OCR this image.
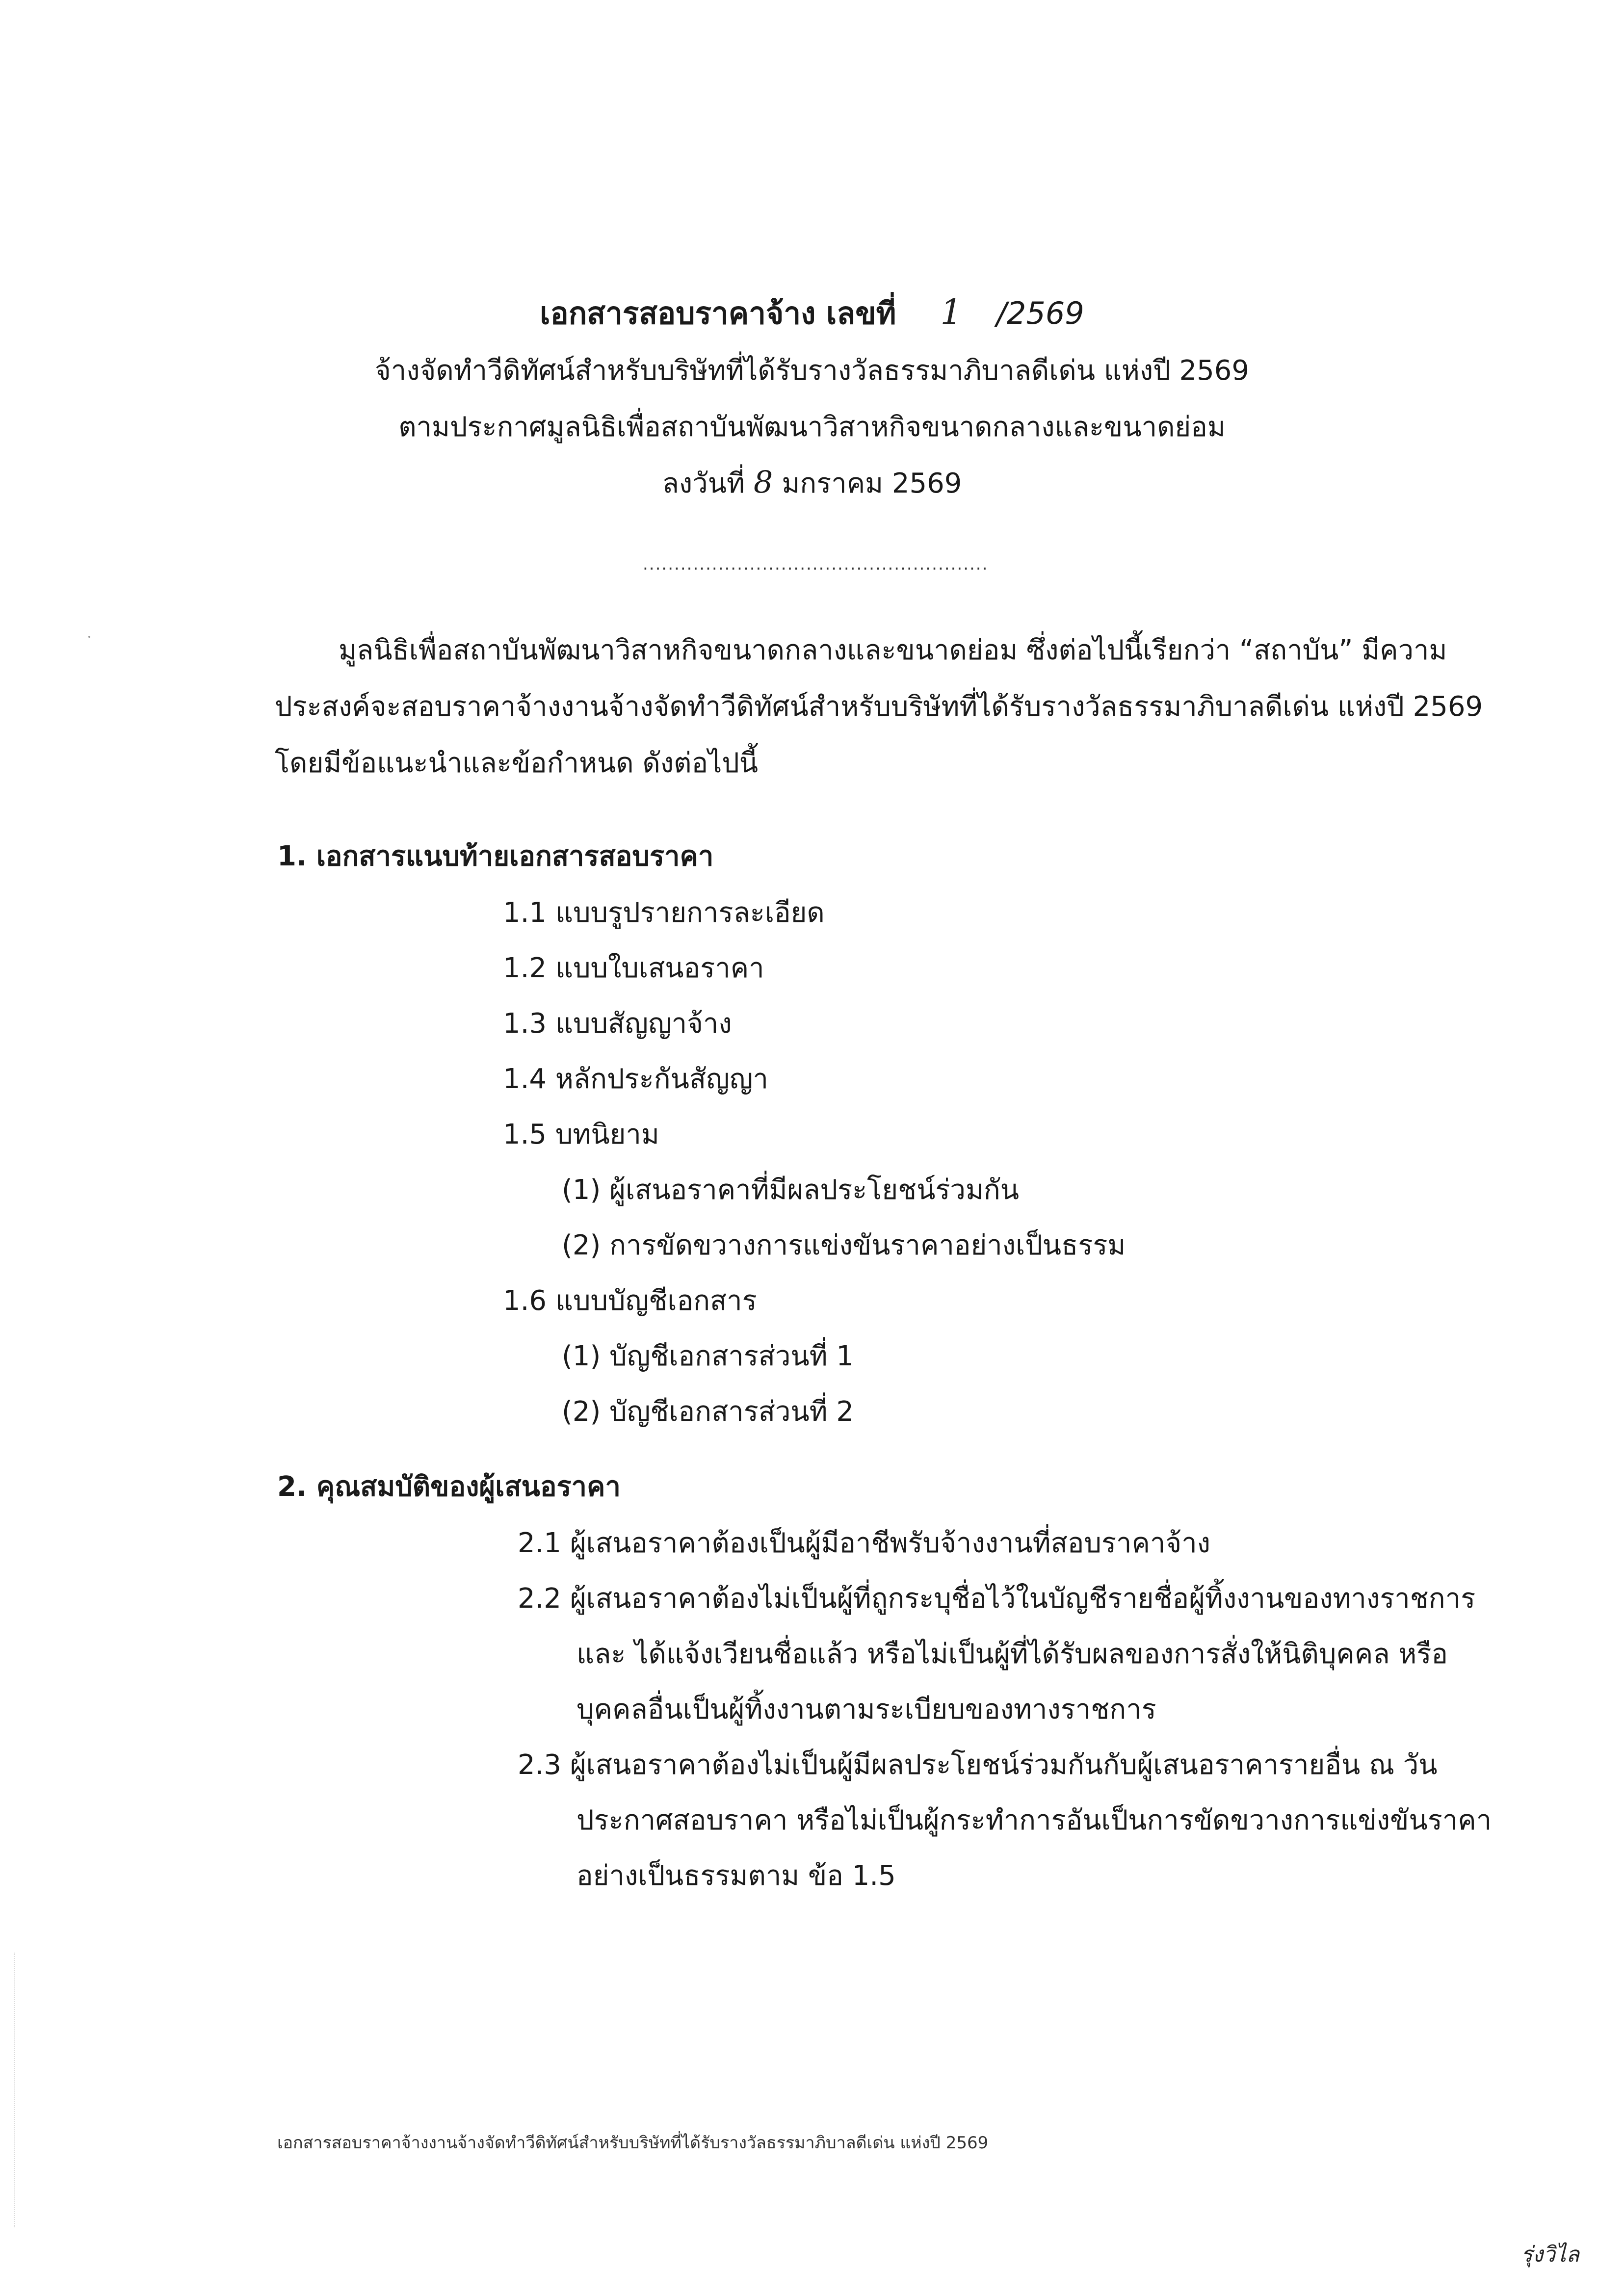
เอกสารสอบราคาจ้าง เลขที่ 1 /2569
จ้างจัดทำวีดิทัศน์สำหรับบริษัทที่ได้รับรางวัลธรรมาภิบาลดีเด่น แห่งปี 2569
ตามประกาศมูลนิธิเพื่อสถาบันพัฒนาวิสาหกิจขนาดกลางและขนาดย่อม
ลงวันที่ 8 มกราคม 2569
.......................................................
มูลนิธิเพื่อสถาบันพัฒนาวิสาหกิจขนาดกลางและขนาดย่อม ซึ่งต่อไปนี้เรียกว่า “สถาบัน” มีความ
ประสงค์จะสอบราคาจ้างงานจ้างจัดทำวีดิทัศน์สำหรับบริษัทที่ได้รับรางวัลธรรมาภิบาลดีเด่น แห่งปี 2569
โดยมีข้อแนะนำและข้อกำหนด ดังต่อไปนี้
1. เอกสารแนบท้ายเอกสารสอบราคา
1.1 แบบรูปรายการละเอียด
1.2 แบบใบเสนอราคา
1.3 แบบสัญญาจ้าง
1.4 หลักประกันสัญญา
1.5 บทนิยาม
(1) ผู้เสนอราคาที่มีผลประโยชน์ร่วมกัน
(2) การขัดขวางการแข่งขันราคาอย่างเป็นธรรม
1.6 แบบบัญชีเอกสาร
(1) บัญชีเอกสารส่วนที่ 1
(2) บัญชีเอกสารส่วนที่ 2
2. คุณสมบัติของผู้เสนอราคา
2.1 ผู้เสนอราคาต้องเป็นผู้มีอาชีพรับจ้างงานที่สอบราคาจ้าง
2.2 ผู้เสนอราคาต้องไม่เป็นผู้ที่ถูกระบุชื่อไว้ในบัญชีรายชื่อผู้ทิ้งงานของทางราชการ
และ ได้แจ้งเวียนชื่อแล้ว หรือไม่เป็นผู้ที่ได้รับผลของการสั่งให้นิติบุคคล หรือ
บุคคลอื่นเป็นผู้ทิ้งงานตามระเบียบของทางราชการ
2.3 ผู้เสนอราคาต้องไม่เป็นผู้มีผลประโยชน์ร่วมกันกับผู้เสนอราคารายอื่น ณ วัน
ประกาศสอบราคา หรือไม่เป็นผู้กระทำการอันเป็นการขัดขวางการแข่งขันราคา
อย่างเป็นธรรมตาม ข้อ 1.5
เอกสารสอบราคาจ้างงานจ้างจัดทำวีดิทัศน์สำหรับบริษัทที่ได้รับรางวัลธรรมาภิบาลดีเด่น แห่งปี 2569
รุ่งวิไล
